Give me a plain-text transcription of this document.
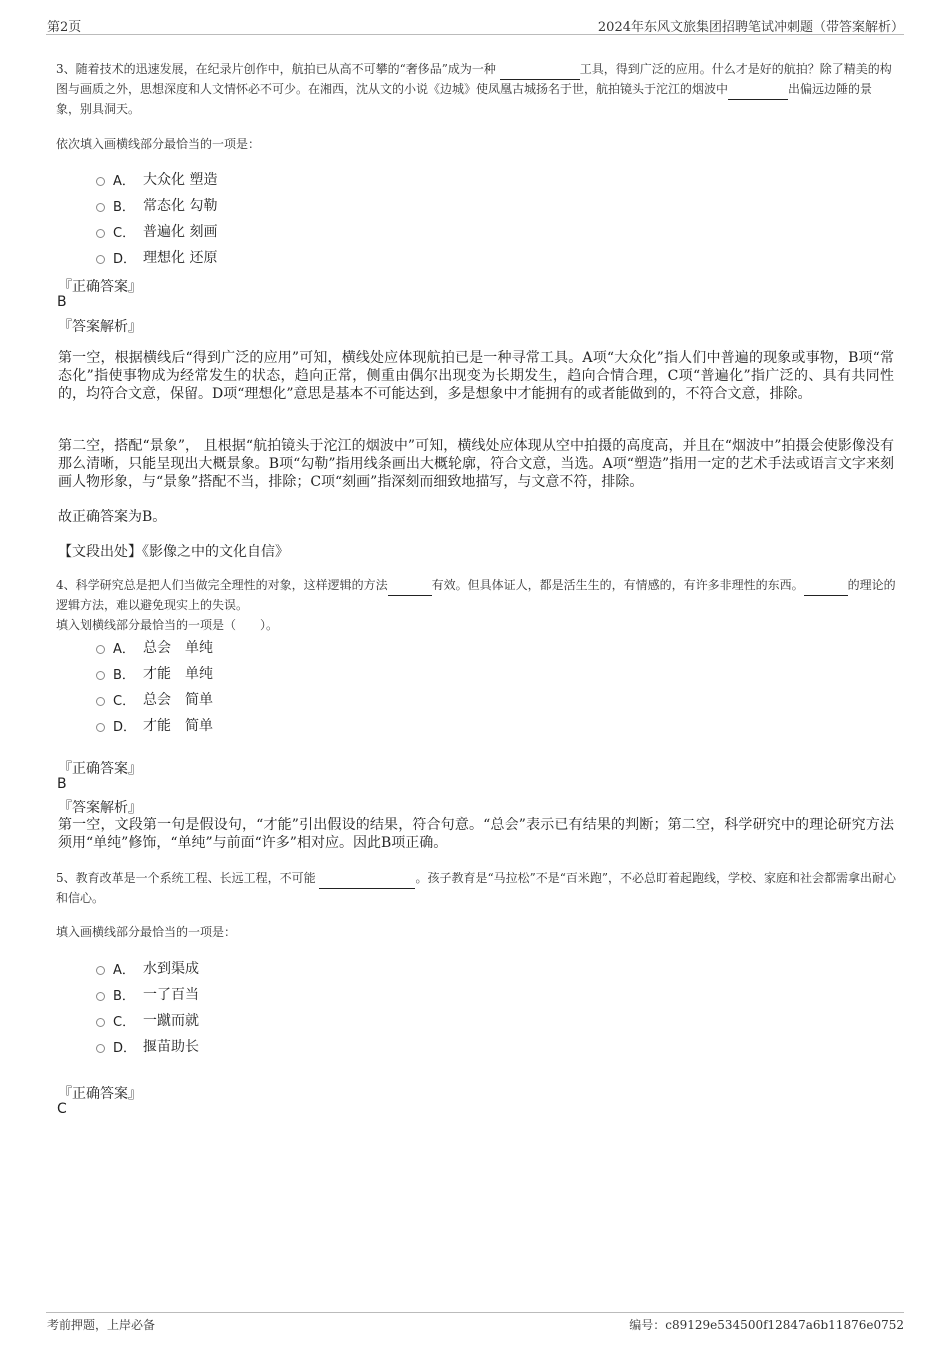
第2页	2024年东风文旅集团招聘笔试冲刺题（带答案解析）
3、随着技术的迅速发展，在纪录片创作中，航拍已从高不可攀的“奢侈品”成为一种	工具，得到广泛的应用。什么才是好的航拍？除了精美的构图与画质之外，思想深度和人文情怀必不可少。在湘西，沈从文的小说《边城》使凤凰古城扬名于世，航拍镜头于沱江的烟波中	出偏远边陲的景象，别具洞天。
依次填入画横线部分最恰当的一项是：
A． 大众化 塑造
B． 常态化 勾勒
C． 普遍化 刻画
D． 理想化 还原
『正确答案』
B
『答案解析』
第一空，根据横线后“得到广泛的应用”可知，横线处应体现航拍已是一种寻常工具。A项“大众化”指人们中普遍的现象或事物，B项“常态化”指使事物成为经常发生的状态，趋向正常，侧重由偶尔出现变为长期发生，趋向合情合理，C项“普遍化”指广泛的、具有共同性的，均符合文意，保留。D项“理想化”意思是基本不可能达到，多是想象中才能拥有的或者能做到的，不符合文意，排除。
第二空，搭配“景象”， 且根据“航拍镜头于沱江的烟波中”可知，横线处应体现从空中拍摄的高度高，并且在“烟波中”拍摄会使影像没有那么清晰，只能呈现出大概景象。B项“勾勒”指用线条画出大概轮廓，符合文意，当选。A项“塑造”指用一定的艺术手法或语言文字来刻画人物形象，与“景象”搭配不当，排除；C项“刻画”指深刻而细致地描写，与文意不符，排除。
故正确答案为B。
【文段出处】《影像之中的文化自信》
4、科学研究总是把人们当做完全理性的对象，这样逻辑的方法	有效。但具体证人，都是活生生的，有情感的，有许多非理性的东西。	的理论的逻辑方法，难以避免现实上的失误。
填入划横线部分最恰当的一项是（　　）。
A． 总会　单纯
B． 才能　单纯
C． 总会　简单
D． 才能　简单
『正确答案』
B
『答案解析』
第一空，文段第一句是假设句，“才能”引出假设的结果，符合句意。“总会”表示已有结果的判断；第二空，科学研究中的理论研究方法须用“单纯”修饰，“单纯”与前面“许多”相对应。因此B项正确。
5、教育改革是一个系统工程、长远工程，不可能	。孩子教育是“马拉松”不是“百米跑”，不必总盯着起跑线，学校、家庭和社会都需拿出耐心和信心。
填入画横线部分最恰当的一项是：
A． 水到渠成
B． 一了百当
C． 一蹴而就
D． 揠苗助长
『正确答案』
C
考前押题，上岸必备	编号：c89129e534500f12847a6b11876e0752
